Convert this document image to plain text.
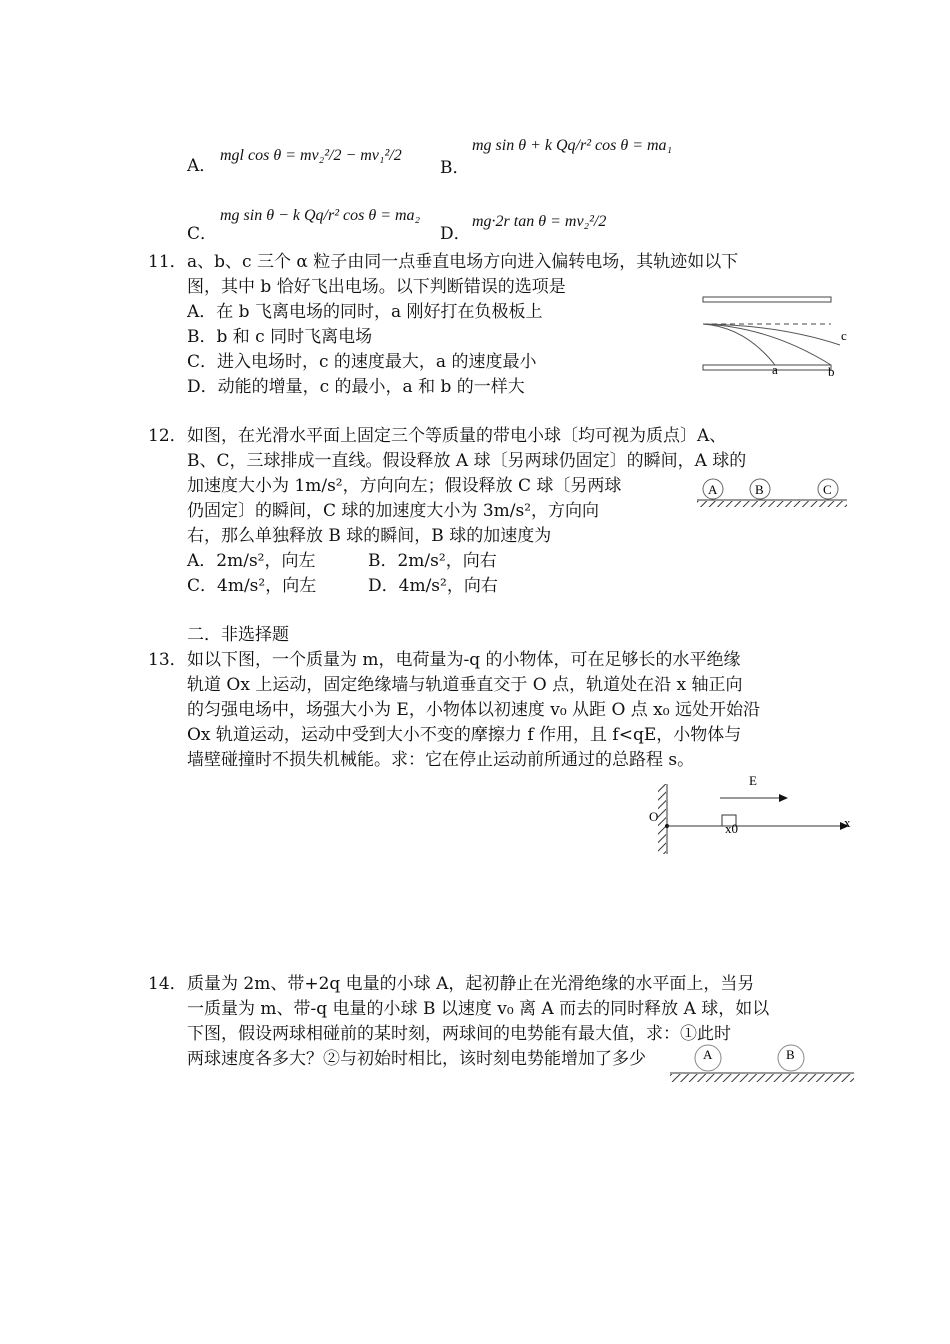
A．
mgl cos θ = mv₂²/2 − mv₁²/2
B．
mg sin θ + k Qq/r² cos θ = ma₁
C．
mg sin θ − k Qq/r² cos θ = ma₂
D．
mg·2r tan θ = mv₂²/2
11． a、b、c 三个 α 粒子由同一点垂直电场方向进入偏转电场，其轨迹如以下
图，其中 b 恰好飞出电场。以下判断错误的选项是
A．在 b 飞离电场的同时，a 刚好打在负极板上
B．b 和 c 同时飞离电场
C．进入电场时，c 的速度最大，a 的速度最小
D．动能的增量，c 的最小，a 和 b 的一样大
a	b
c
12． 如图，在光滑水平面上固定三个等质量的带电小球〔均可视为质点〕A、
B、C，三球排成一直线。假设释放 A 球〔另两球仍固定〕的瞬间，A 球的
加速度大小为 1m/s²，方向向左；假设释放 C 球〔另两球
仍固定〕的瞬间，C 球的加速度大小为 3m/s²，方向向
右，那么单独释放 B 球的瞬间，B 球的加速度为
A．2m/s²，向左	B．2m/s²，向右
C．4m/s²，向左	D．4m/s²，向右
A	B	C
二．非选择题
13． 如以下图，一个质量为 m，电荷量为-q 的小物体，可在足够长的水平绝缘
轨道 Ox 上运动，固定绝缘墙与轨道垂直交于 O 点，轨道处在沿 x 轴正向
的匀强电场中，场强大小为 E，小物体以初速度 v₀ 从距 O 点 x₀ 远处开始沿
Ox 轨道运动，运动中受到大小不变的摩擦力 f 作用，且 f<qE，小物体与
墙壁碰撞时不损失机械能。求：它在停止运动前所通过的总路程 s。
E
O
x0	x
14． 质量为 2m、带+2q 电量的小球 A，起初静止在光滑绝缘的水平面上，当另
一质量为 m、带-q 电量的小球 B 以速度 v₀ 离 A 而去的同时释放 A 球，如以
下图，假设两球相碰前的某时刻，两球间的电势能有最大值，求：①此时
两球速度各多大？②与初始时相比，该时刻电势能增加了多少	A	B
